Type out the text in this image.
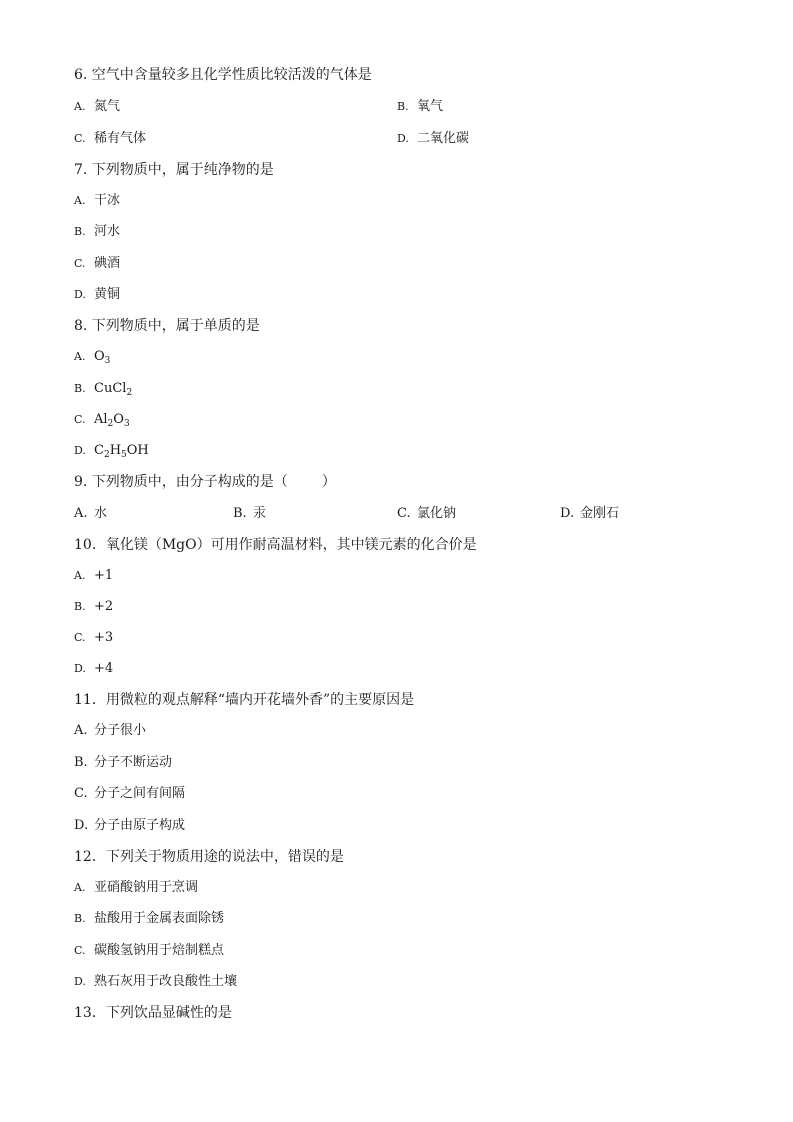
6. 空气中含量较多且化学性质比较活泼的气体是
A. 氮气	B. 氧气
C. 稀有气体	D. 二氧化碳
7. 下列物质中，属于纯净物的是
A. 干冰
B. 河水
C. 碘酒
D. 黄铜
8. 下列物质中，属于单质的是
A. $O_3$
B. CuCl$_2$
C. $Al_2O_3$
D. $C_2H_5OH$
9. 下列物质中，由分子构成的是（ ）
A. 水	B. 汞	C. 氯化钠	D. 金刚石
10．氧化镁（MgO）可用作耐高温材料，其中镁元素的化合价是
A. +1
B. +2
C. +3
D. +4
11．用微粒的观点解释“墙内开花墙外香”的主要原因是
A. 分子很小
B. 分子不断运动
C. 分子之间有间隔
D. 分子由原子构成
12．下列关于物质用途的说法中，错误的是
A. 亚硝酸钠用于烹调
B. 盐酸用于金属表面除锈
C. 碳酸氢钠用于焙制糕点
D. 熟石灰用于改良酸性土壤
13．下列饮品显碱性的是
